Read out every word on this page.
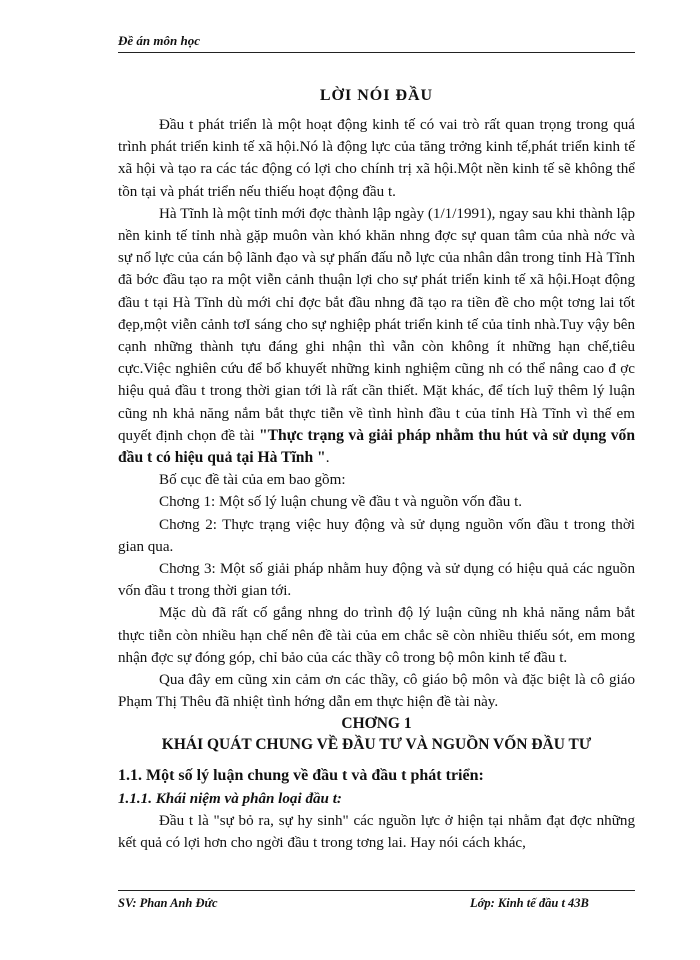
Đề án môn học

LỜI NÓI ĐẦU

Đầu t phát triển là một hoạt động kinh tế có vai trò rất quan trọng trong quá trình phát triển kinh tế xã hội.Nó là động lực của tăng trởng kinh tế,phát triển kinh tế xã hội và tạo ra các tác động có lợi cho chính trị xã hội.Một nền kinh tế sẽ không thể tồn tại và phát triển nếu thiếu hoạt động đầu t.

Hà Tĩnh là một tỉnh mới đợc thành lập ngày (1/1/1991), ngay sau khi thành lập nền kinh tế tỉnh nhà gặp muôn vàn khó khăn nhng đợc sự quan tâm của nhà nớc và sự nổ lực của cán bộ lãnh đạo và sự phấn đấu nỗ lực của nhân dân trong tỉnh Hà Tĩnh đã bớc đầu tạo ra một viễn cảnh thuận lợi cho sự phát triển kinh tế xã hội.Hoạt động đầu t tại Hà Tĩnh dù mới chỉ đợc bắt đầu nhng đã tạo ra tiền đề cho một tơng lai tốt đẹp,một viễn cảnh tơI sáng cho sự nghiệp phát triển kinh tế của tỉnh nhà.Tuy vậy bên cạnh những thành tựu đáng ghi nhận thì vẫn còn không ít những hạn chế,tiêu cực.Việc nghiên cứu để bổ khuyết những kinh nghiệm cũng nh có thể nâng cao đ ợc hiệu quả đầu t trong thời gian tới là rất cần thiết. Mặt khác, để tích luỹ thêm lý luận cũng nh khả năng nắm bắt thực tiễn về tình hình đầu t của tỉnh Hà Tĩnh vì thế em quyết định chọn đề tài "Thực trạng và giải pháp nhằm thu hút và sử dụng vốn đầu t có hiệu quả tại Hà Tĩnh ".

Bố cục đề tài của em bao gồm:

Chơng 1: Một số lý luận chung về đầu t và nguồn vốn đầu t.

Chơng 2: Thực trạng việc huy động và sử dụng nguồn vốn đầu t trong thời gian qua.

Chơng 3: Một số giải pháp nhằm huy động và sử dụng có hiệu quả các nguồn vốn đầu t trong thời gian tới.

Mặc dù đã rất cố gắng nhng do trình độ lý luận cũng nh khả năng nắm bắt thực tiễn còn nhiều hạn chế nên đề tài của em chắc sẽ còn nhiều thiếu sót, em mong nhận đợc sự đóng góp, chỉ bảo của các thầy cô trong bộ môn kinh tế đầu t.

Qua đây em cũng xin cảm ơn các thầy, cô giáo bộ môn và đặc biệt là cô giáo Phạm Thị Thêu đã nhiệt tình hớng dẫn em thực hiện đề tài này.

CHƠNG 1

KHÁI QUÁT CHUNG VỀ ĐẦU TƯ VÀ NGUỒN VỐN ĐẦU TƯ

1.1. Một số lý luận chung về đầu t và đầu t phát triển:

1.1.1. Khái niệm và phân loại đầu t:

Đầu t là "sự bỏ ra, sự hy sinh" các nguồn lực ở hiện tại nhằm đạt đợc những kết quả có lợi hơn cho ngời đầu t trong tơng lai. Hay nói cách khác,

SV: Phan Anh Đức	Lớp: Kinh tế đầu t 43B
